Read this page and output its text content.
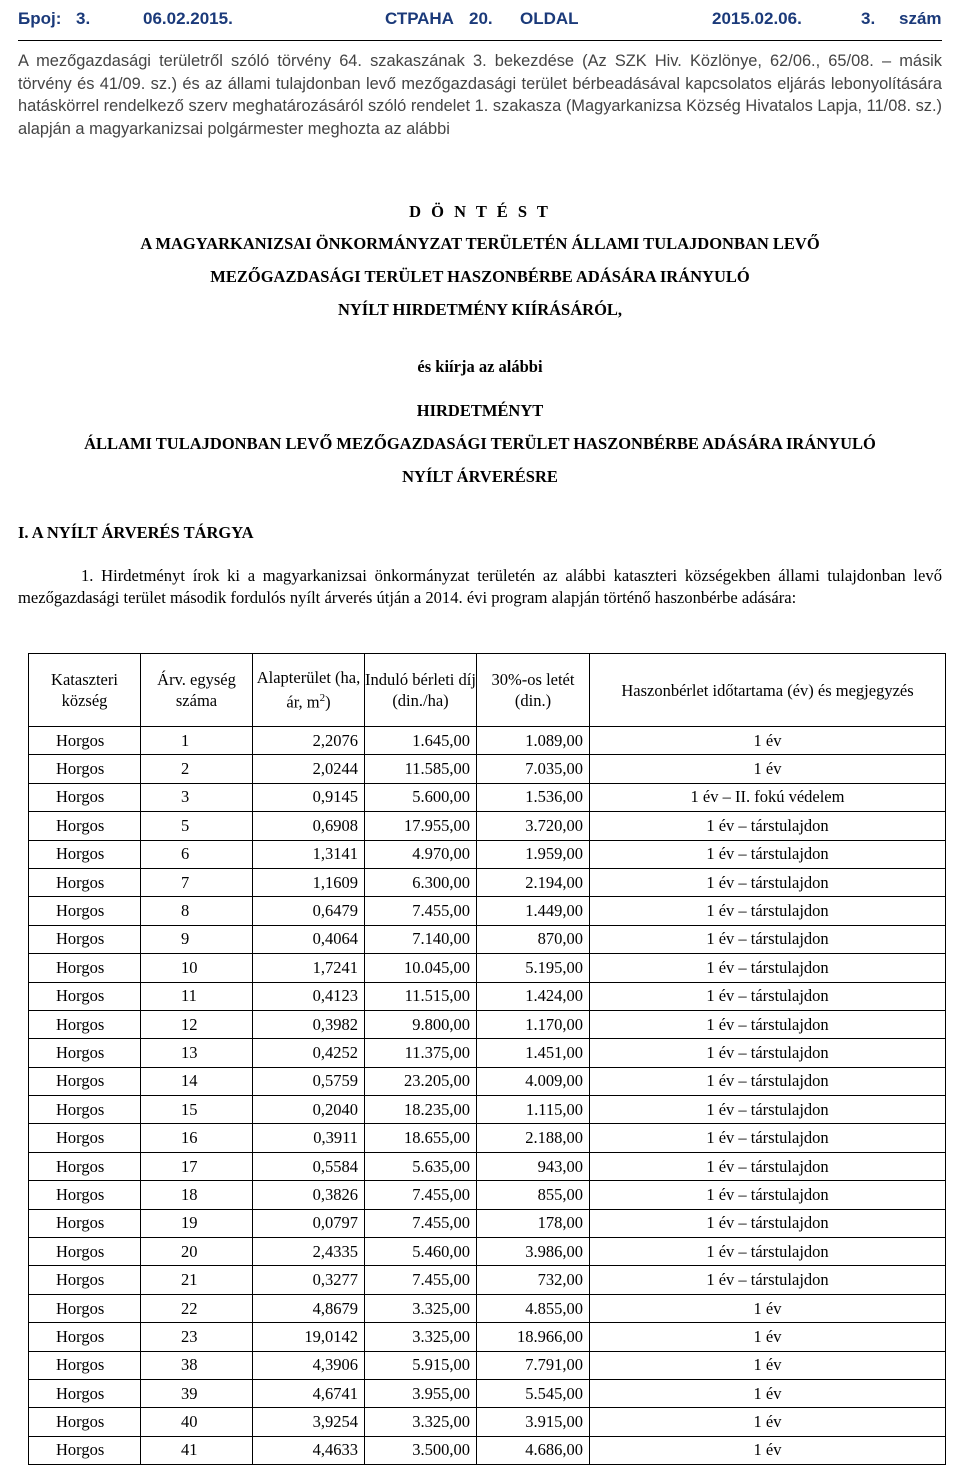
Број: 3.	06.02.2015.	СТРАНА 20. OLDAL	2015.02.06.	3. szám
A mezőgazdasági területről szóló törvény 64. szakaszának 3. bekezdése (Az SZK Hiv. Közlönye, 62/06., 65/08. – másik törvény és 41/09. sz.) és az állami tulajdonban levő mezőgazdasági terület bérbeadásával kapcsolatos eljárás lebonyolítására hatáskörrel rendelkező szerv meghatározásáról szóló rendelet 1. szakasza (Magyarkanizsa Község Hivatalos Lapja, 11/08. sz.) alapján a magyarkanizsai polgármester meghozta az alábbi
D Ö N T É S T
A MAGYARKANIZSAI ÖNKORMÁNYZAT TERÜLETÉN ÁLLAMI TULAJDONBAN LEVŐ
MEZŐGAZDASÁGI TERÜLET HASZONBÉRBE ADÁSÁRA IRÁNYULÓ
NYÍLT HIRDETMÉNY KIÍRÁSÁRÓL,
és kiírja az alábbi
HIRDETMÉNYT
ÁLLAMI TULAJDONBAN LEVŐ MEZŐGAZDASÁGI TERÜLET HASZONBÉRBE ADÁSÁRA IRÁNYULÓ
NYÍLT ÁRVERÉSRE
I. A NYÍLT ÁRVERÉS TÁRGYA

1. Hirdetményt írok ki a magyarkanizsai önkormányzat területén az alábbi kataszteri községekben állami tulajdonban levő mezőgazdasági terület második fordulós nyílt árverés útján a 2014. évi program alapján történő haszonbérbe adására:

Kataszteri község	Árv. egység száma	Alapterület (ha, ár, $m^2$)	Induló bérleti díj (din./ha)	30%-os letét (din.)	Haszonbérlet időtartama (év) és megjegyzés
Horgos	1	2,2076	1.645,00	1.089,00	1 év
Horgos	2	2,0244	11.585,00	7.035,00	1 év
Horgos	3	0,9145	5.600,00	1.536,00	1 év – II. fokú védelem
Horgos	5	0,6908	17.955,00	3.720,00	1 év – társtulajdon
Horgos	6	1,3141	4.970,00	1.959,00	1 év – társtulajdon
Horgos	7	1,1609	6.300,00	2.194,00	1 év – társtulajdon
Horgos	8	0,6479	7.455,00	1.449,00	1 év – társtulajdon
Horgos	9	0,4064	7.140,00	870,00	1 év – társtulajdon
Horgos	10	1,7241	10.045,00	5.195,00	1 év – társtulajdon
Horgos	11	0,4123	11.515,00	1.424,00	1 év – társtulajdon
Horgos	12	0,3982	9.800,00	1.170,00	1 év – társtulajdon
Horgos	13	0,4252	11.375,00	1.451,00	1 év – társtulajdon
Horgos	14	0,5759	23.205,00	4.009,00	1 év – társtulajdon
Horgos	15	0,2040	18.235,00	1.115,00	1 év – társtulajdon
Horgos	16	0,3911	18.655,00	2.188,00	1 év – társtulajdon
Horgos	17	0,5584	5.635,00	943,00	1 év – társtulajdon
Horgos	18	0,3826	7.455,00	855,00	1 év – társtulajdon
Horgos	19	0,0797	7.455,00	178,00	1 év – társtulajdon
Horgos	20	2,4335	5.460,00	3.986,00	1 év – társtulajdon
Horgos	21	0,3277	7.455,00	732,00	1 év – társtulajdon
Horgos	22	4,8679	3.325,00	4.855,00	1 év
Horgos	23	19,0142	3.325,00	18.966,00	1 év
Horgos	38	4,3906	5.915,00	7.791,00	1 év
Horgos	39	4,6741	3.955,00	5.545,00	1 év
Horgos	40	3,9254	3.325,00	3.915,00	1 év
Horgos	41	4,4633	3.500,00	4.686,00	1 év
